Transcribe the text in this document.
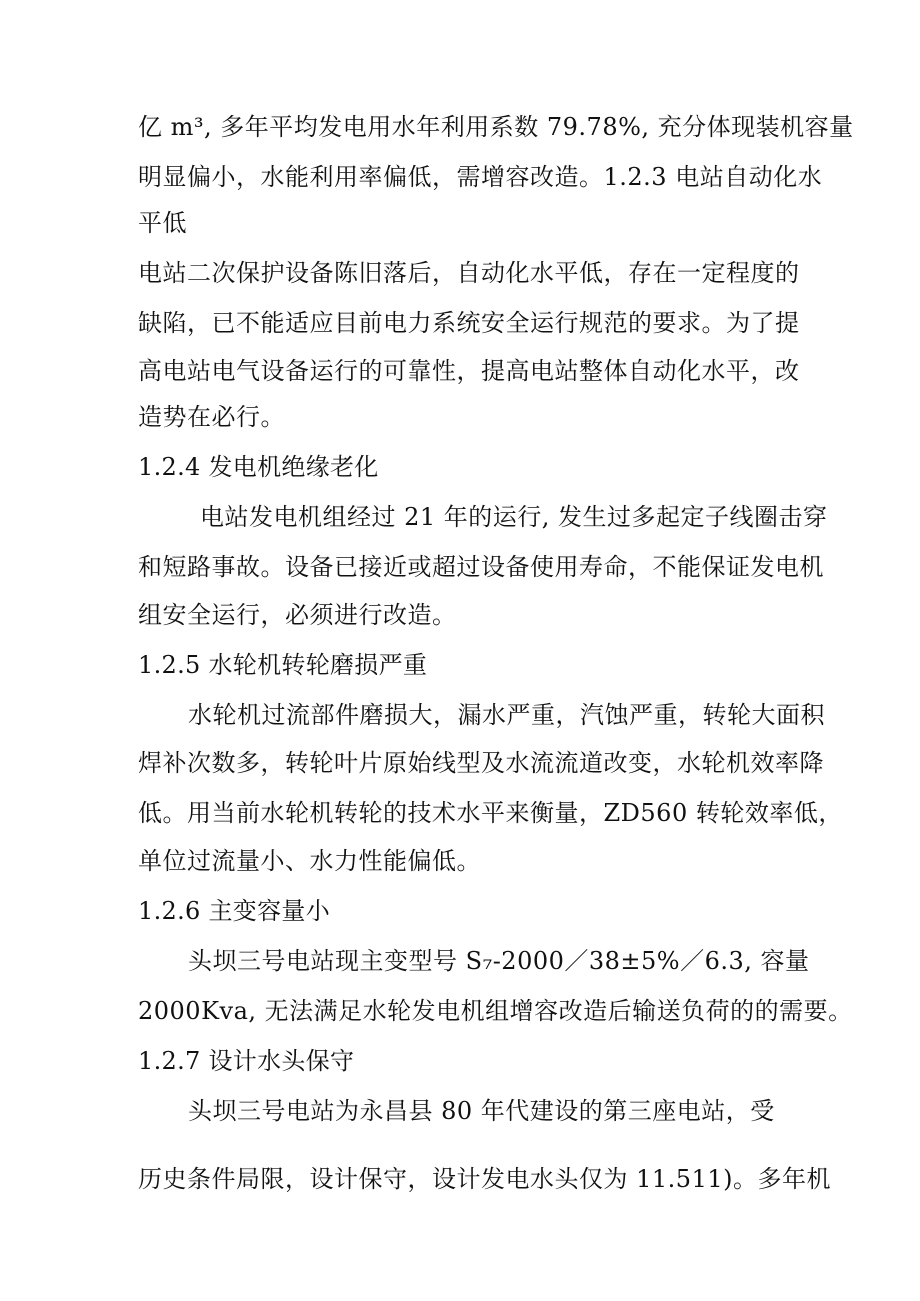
亿 m³, 多年平均发电用水年利用系数 79.78%, 充分体现装机容量
明显偏小，水能利用率偏低，需增容改造。1.2.3 电站自动化水
平低
电站二次保护设备陈旧落后，自动化水平低，存在一定程度的
缺陷，已不能适应目前电力系统安全运行规范的要求。为了提
高电站电气设备运行的可靠性，提高电站整体自动化水平，改
造势在必行。
1.2.4 发电机绝缘老化
电站发电机组经过 21 年的运行, 发生过多起定子线圈击穿
和短路事故。设备已接近或超过设备使用寿命，不能保证发电机
组安全运行，必须进行改造。
1.2.5 水轮机转轮磨损严重
水轮机过流部件磨损大，漏水严重，汽蚀严重，转轮大面积
焊补次数多，转轮叶片原始线型及水流流道改变，水轮机效率降
低。用当前水轮机转轮的技术水平来衡量，ZD560 转轮效率低，
单位过流量小、水力性能偏低。
1.2.6 主变容量小
头坝三号电站现主变型号 S₇-2000／38±5%／6.3, 容量
2000Kva, 无法满足水轮发电机组增容改造后输送负荷的的需要。
1.2.7 设计水头保守
头坝三号电站为永昌县 80 年代建设的第三座电站，受
历史条件局限，设计保守，设计发电水头仅为 11.511)。多年机
